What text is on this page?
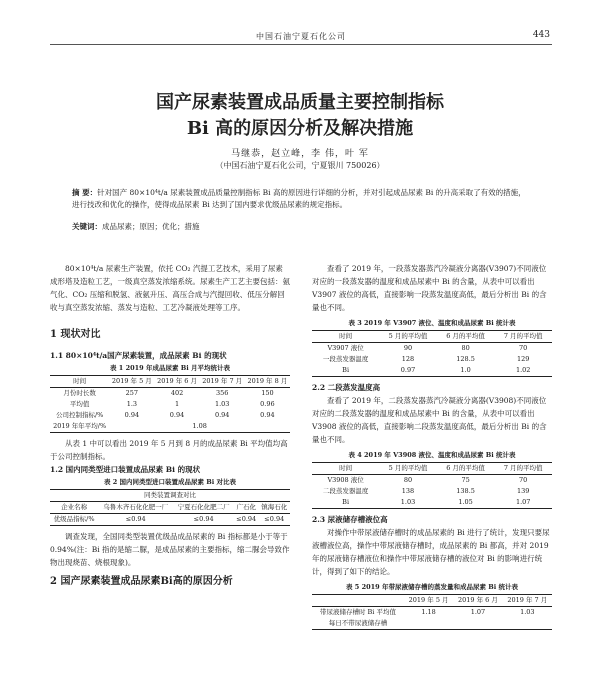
中国石油宁夏石化公司	443
国产尿素装置成品质量主要控制指标
Bi 高的原因分析及解决措施
马继恭，赵立峰，李 伟，叶 军
（中国石油宁夏石化公司，宁夏银川 750026）
摘 要：针对国产 80×10⁴t/a 尿素装置成品质量控制指标 Bi 高的原因进行详细的分析，并对引起成品尿素 Bi 的升高采取了有效的措施，进行技改和优化的操作，使得成品尿素 Bi 达到了国内要求优级品尿素的规定指标。
关键词：成品尿素；原因；优化；措施

80×10⁴t/a 尿素生产装置，依托 CO₂ 汽提工艺技术，采用了尿素成形塔及造粒工艺，一级真空蒸发浓缩系统。尿素生产工艺主要包括：氨气化、CO₂ 压缩和脱氢、液氨升压、高压合成与汽提回收、低压分解回收与真空蒸发浓缩、蒸发与造粒、工艺冷凝液处理等工序。

1 现状对比

1.1 80×10⁴t/a国产尿素装置，成品尿素 Bi 的现状

表 1 2019 年成品尿素 Bi 月平均统计表

时间	2019 年 5 月	2019 年 6 月	2019 年 7 月	2019 年 8 月
月份时长数	257	402	356	150
平均值	1.3	1	1.03	0.96
公司控制指标/%	0.94	0.94	0.94	0.94
2019 年年平均/%	1.08			

从表 1 中可以看出 2019 年 5 月到 8 月的成品尿素 Bi 平均值均高于公司控制指标。

1.2 国内同类型进口装置成品尿素 Bi 的现状

表 2 国内同类型进口装置成品尿素 Bi 对比表

同类装置调查对比				
企业名称	乌鲁木齐石化化肥一厂	宁夏石化化肥二厂	广石化	镇海石化
优级品指标/%	≤0.94	≤0.94	≤0.94	≤0.94

调查发现，全国同类型装置优级品成品尿素的 Bi 指标都是小于等于 0.94%(注：Bi 指的是缩二脲，是成品尿素的主要指标，缩二脲会导致作物出现烧苗、烧根现象)。

2 国产尿素装置成品尿素Bi高的原因分析

查看了 2019 年，一段蒸发器蒸汽冷凝液分离器(V3907)不同液位对应的一段蒸发器的温度和成品尿素中 Bi 的含量，从表中可以看出 V3907 液位的高低，直接影响一段蒸发温度高低，最后分析出 Bi 的含量也不同。

表 3 2019 年 V3907 液位、温度和成品尿素 Bi 统计表

时间	5 月的平均值	6 月的平均值	7 月的平均值
V3907 液位	90	80	70
一段蒸发器温度	128	128.5	129
Bi	0.97	1.0	1.02

2.2 二段蒸发温度高

查看了 2019 年，二段蒸发器蒸汽冷凝液分离器(V3908)不同液位对应的二段蒸发器的温度和成品尿素中 Bi 的含量，从表中可以看出 V3908 液位的高低，直接影响二段蒸发温度高低，最后分析出 Bi 的含量也不同。

表 4 2019 年 V3908 液位、温度和成品尿素 Bi 统计表

时间	5 月的平均值	6 月的平均值	7 月的平均值
V3908 液位	80	75	70
二段蒸发器温度	138	138.5	139
Bi	1.03	1.05	1.07

2.3 尿液储存槽液位高

对操作中带尿液储存槽时的成品尿素的 Bi 进行了统计，发现只要尿液槽液位高，操作中带尿液储存槽时，成品尿素的 Bi 都高，并对 2019 年的尿液储存槽液位和操作中带尿液储存槽的液位对 Bi 的影响进行统计，得到了如下的结论。

表 5 2019 年带尿液储存槽的蒸发量和成品尿素 Bi 统计表

	2019 年 5 月	2019 年 6 月	2019 年 7 月
带尿液储存槽时 Bi 平均值	1.18	1.07	1.03
每日不带尿液储存槽			
